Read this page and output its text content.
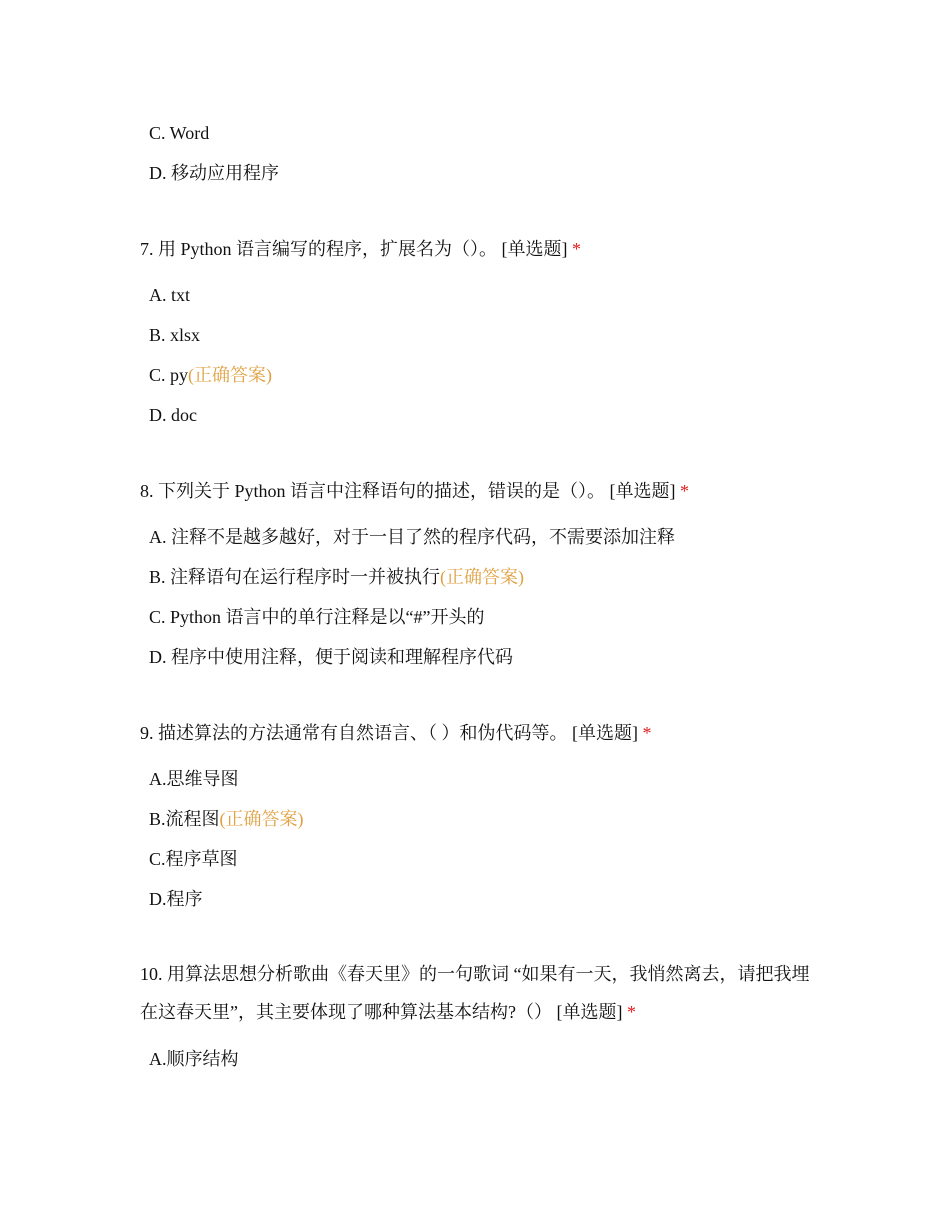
C. Word
D. 移动应用程序
7. 用 Python 语言编写的程序，扩展名为（）。 [单选题] *
A. txt
B. xlsx
C. py(正确答案)
D. doc
8. 下列关于 Python 语言中注释语句的描述，错误的是（）。 [单选题] *
A. 注释不是越多越好，对于一目了然的程序代码，不需要添加注释
B. 注释语句在运行程序时一并被执行(正确答案)
C. Python 语言中的单行注释是以“#”开头的
D. 程序中使用注释，便于阅读和理解程序代码
9. 描述算法的方法通常有自然语言、（ ）和伪代码等。 [单选题] *
A.思维导图
B.流程图(正确答案)
C.程序草图
D.程序
10. 用算法思想分析歌曲《春天里》的一句歌词 “如果有一天，我悄然离去，请把我埋在这春天里”，其主要体现了哪种算法基本结构?（） [单选题] *
A.顺序结构
